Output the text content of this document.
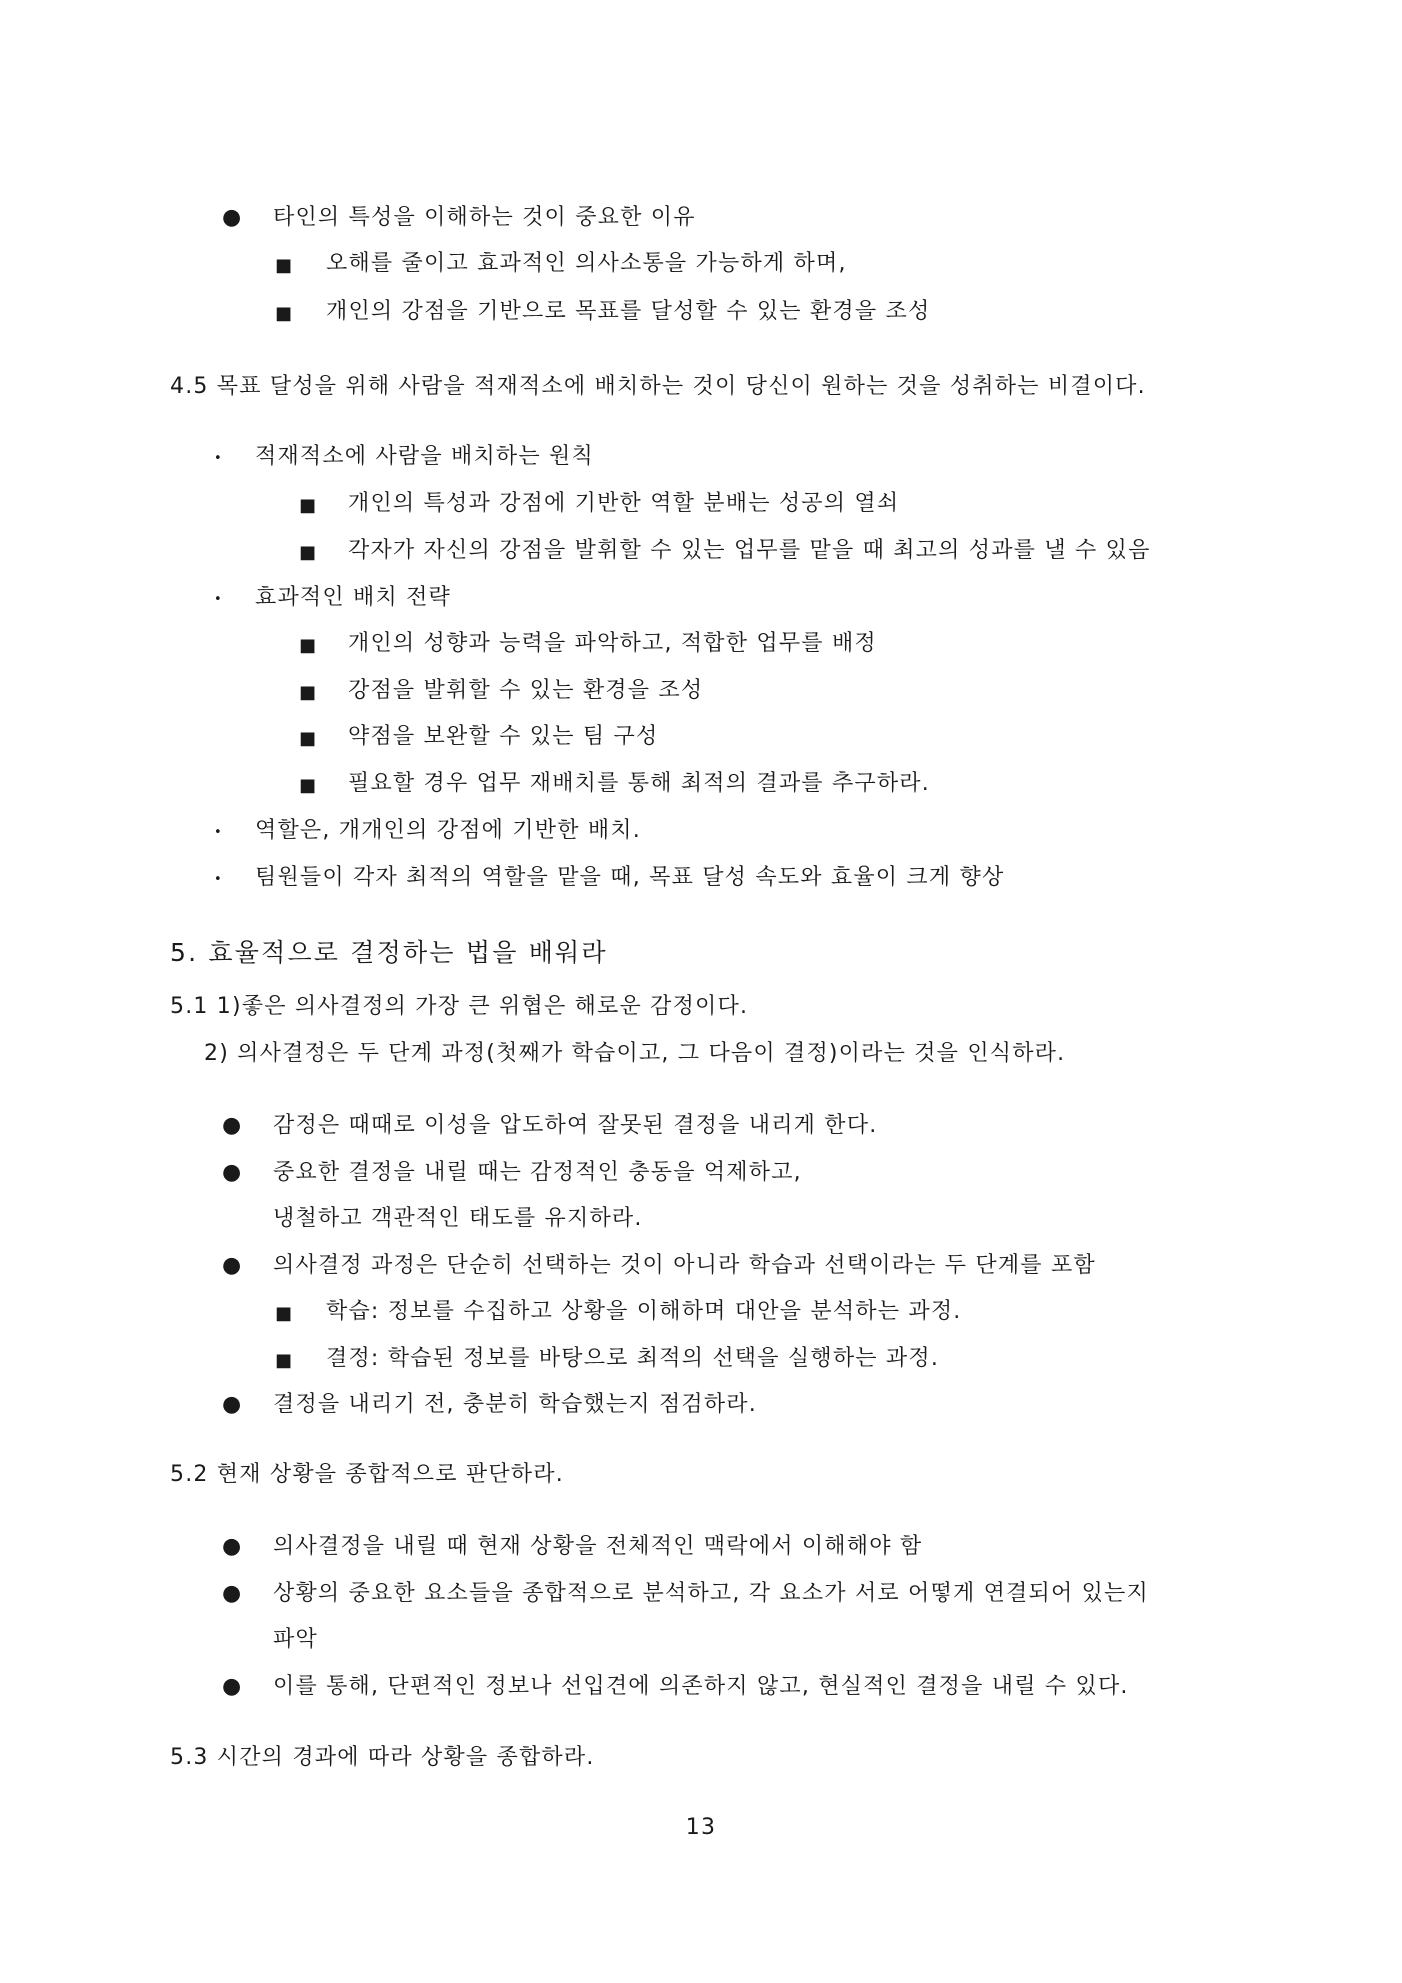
● 타인의 특성을 이해하는 것이 중요한 이유
■ 오해를 줄이고 효과적인 의사소통을 가능하게 하며,
■ 개인의 강점을 기반으로 목표를 달성할 수 있는 환경을 조성
4.5 목표 달성을 위해 사람을 적재적소에 배치하는 것이 당신이 원하는 것을 성취하는 비결이다.
• 적재적소에 사람을 배치하는 원칙
■ 개인의 특성과 강점에 기반한 역할 분배는 성공의 열쇠
■ 각자가 자신의 강점을 발휘할 수 있는 업무를 맡을 때 최고의 성과를 낼 수 있음
• 효과적인 배치 전략
■ 개인의 성향과 능력을 파악하고, 적합한 업무를 배정
■ 강점을 발휘할 수 있는 환경을 조성
■ 약점을 보완할 수 있는 팀 구성
■ 필요할 경우 업무 재배치를 통해 최적의 결과를 추구하라.
• 역할은, 개개인의 강점에 기반한 배치.
• 팀원들이 각자 최적의 역할을 맡을 때, 목표 달성 속도와 효율이 크게 향상
5. 효율적으로 결정하는 법을 배워라
5.1 1)좋은 의사결정의 가장 큰 위협은 해로운 감정이다.
2) 의사결정은 두 단계 과정(첫째가 학습이고, 그 다음이 결정)이라는 것을 인식하라.
● 감정은 때때로 이성을 압도하여 잘못된 결정을 내리게 한다.
● 중요한 결정을 내릴 때는 감정적인 충동을 억제하고,
냉철하고 객관적인 태도를 유지하라.
● 의사결정 과정은 단순히 선택하는 것이 아니라 학습과 선택이라는 두 단계를 포함
■ 학습: 정보를 수집하고 상황을 이해하며 대안을 분석하는 과정.
■ 결정: 학습된 정보를 바탕으로 최적의 선택을 실행하는 과정.
● 결정을 내리기 전, 충분히 학습했는지 점검하라.
5.2 현재 상황을 종합적으로 판단하라.
● 의사결정을 내릴 때 현재 상황을 전체적인 맥락에서 이해해야 함
● 상황의 중요한 요소들을 종합적으로 분석하고, 각 요소가 서로 어떻게 연결되어 있는지
파악
● 이를 통해, 단편적인 정보나 선입견에 의존하지 않고, 현실적인 결정을 내릴 수 있다.
5.3 시간의 경과에 따라 상황을 종합하라.
13
